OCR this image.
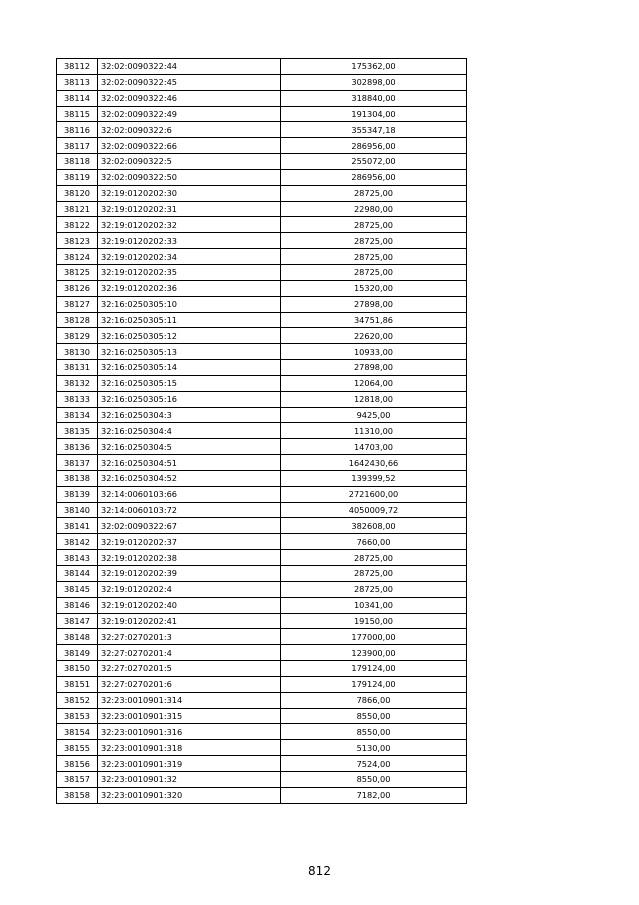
38112	32:02:0090322:44	175362,00
38113	32:02:0090322:45	302898,00
38114	32:02:0090322:46	318840,00
38115	32:02:0090322:49	191304,00
38116	32:02:0090322:6	355347,18
38117	32:02:0090322:66	286956,00
38118	32:02:0090322:5	255072,00
38119	32:02:0090322:50	286956,00
38120	32:19:0120202:30	28725,00
38121	32:19:0120202:31	22980,00
38122	32:19:0120202:32	28725,00
38123	32:19:0120202:33	28725,00
38124	32:19:0120202:34	28725,00
38125	32:19:0120202:35	28725,00
38126	32:19:0120202:36	15320,00
38127	32:16:0250305:10	27898,00
38128	32:16:0250305:11	34751,86
38129	32:16:0250305:12	22620,00
38130	32:16:0250305:13	10933,00
38131	32:16:0250305:14	27898,00
38132	32:16:0250305:15	12064,00
38133	32:16:0250305:16	12818,00
38134	32:16:0250304:3	9425,00
38135	32:16:0250304:4	11310,00
38136	32:16:0250304:5	14703,00
38137	32:16:0250304:51	1642430,66
38138	32:16:0250304:52	139399,52
38139	32:14:0060103:66	2721600,00
38140	32:14:0060103:72	4050009,72
38141	32:02:0090322:67	382608,00
38142	32:19:0120202:37	7660,00
38143	32:19:0120202:38	28725,00
38144	32:19:0120202:39	28725,00
38145	32:19:0120202:4	28725,00
38146	32:19:0120202:40	10341,00
38147	32:19:0120202:41	19150,00
38148	32:27:0270201:3	177000,00
38149	32:27:0270201:4	123900,00
38150	32:27:0270201:5	179124,00
38151	32:27:0270201:6	179124,00
38152	32:23:0010901:314	7866,00
38153	32:23:0010901:315	8550,00
38154	32:23:0010901:316	8550,00
38155	32:23:0010901:318	5130,00
38156	32:23:0010901:319	7524,00
38157	32:23:0010901:32	8550,00
38158	32:23:0010901:320	7182,00
812
